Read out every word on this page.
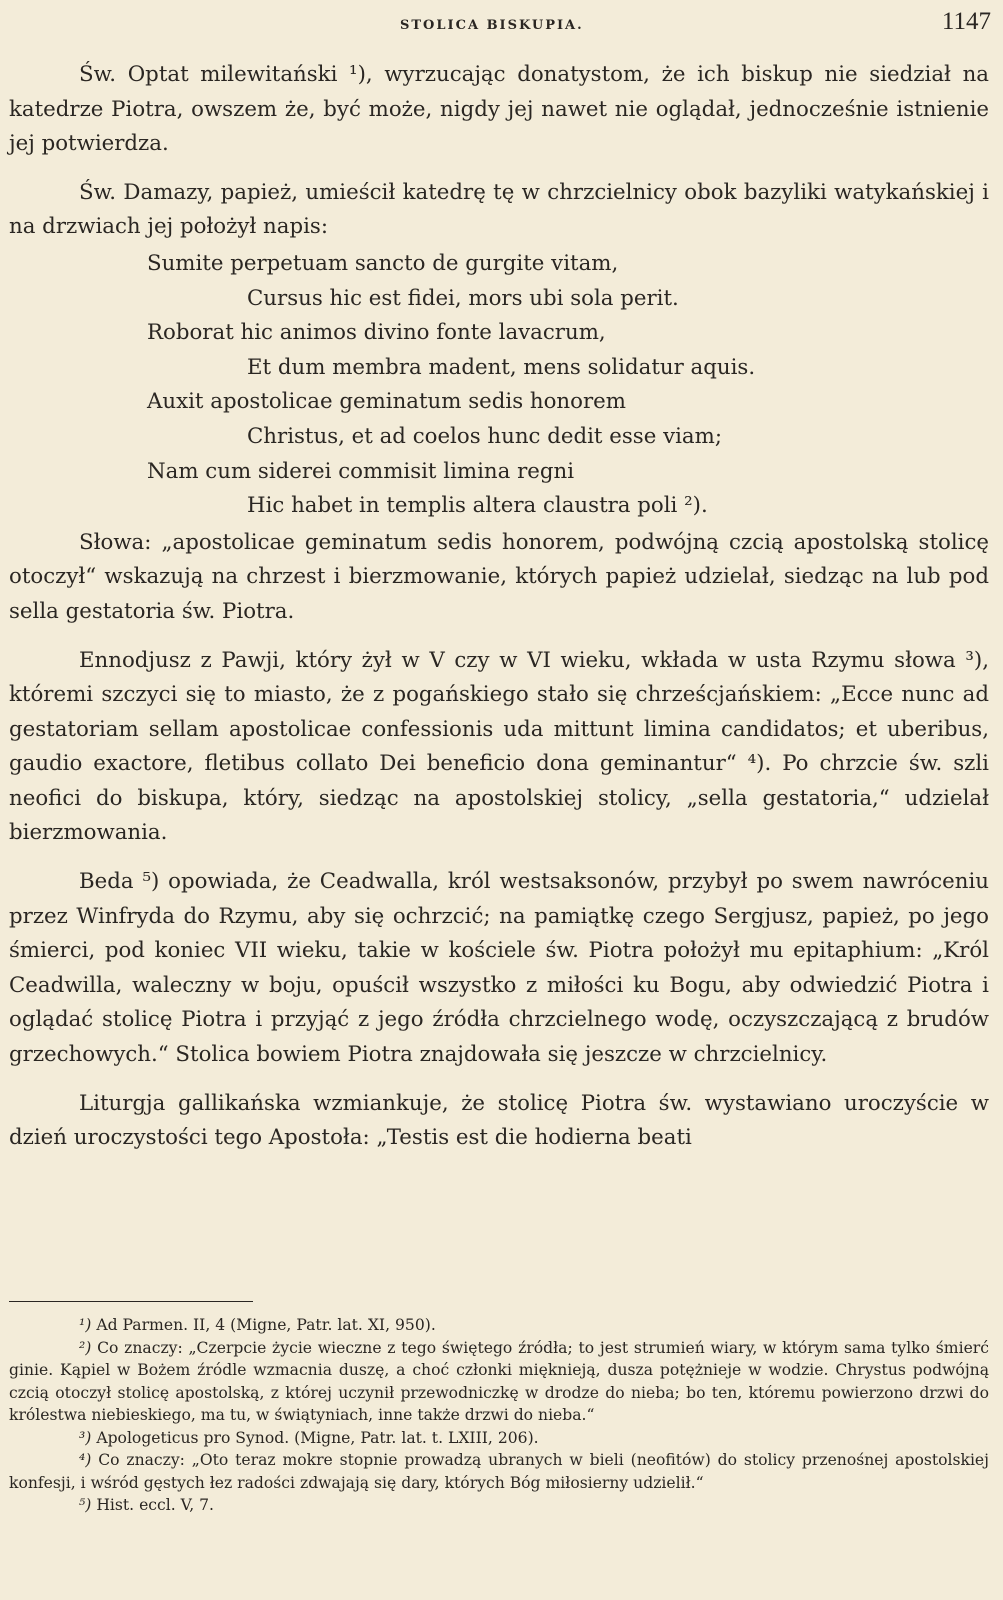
STOLICA BISKUPIA.	1147

Św. Optat milewitański ¹), wyrzucając donatystom, że ich biskup nie siedział na katedrze Piotra, owszem że, być może, nigdy jej nawet nie oglądał, jednocześnie istnienie jej potwierdza.

Św. Damazy, papież, umieścił katedrę tę w chrzcielnicy obok bazyliki watykańskiej i na drzwiach jej położył napis:

Sumite perpetuam sancto de gurgite vitam,
Cursus hic est fidei, mors ubi sola perit.
Roborat hic animos divino fonte lavacrum,
Et dum membra madent, mens solidatur aquis.
Auxit apostolicae geminatum sedis honorem
Christus, et ad coelos hunc dedit esse viam;
Nam cum siderei commisit limina regni
Hic habet in templis altera claustra poli ²).

Słowa: „apostolicae geminatum sedis honorem, podwójną czcią apostolską stolicę otoczył“ wskazują na chrzest i bierzmowanie, których papież udzielał, siedząc na lub pod sella gestatoria św. Piotra.

Ennodjusz z Pawji, który żył w V czy w VI wieku, wkłada w usta Rzymu słowa ³), któremi szczyci się to miasto, że z pogańskiego stało się chrześcjańskiem: „Ecce nunc ad gestatoriam sellam apostolicae confessionis uda mittunt limina candidatos; et uberibus, gaudio exactore, fletibus collato Dei beneficio dona geminantur“ ⁴). Po chrzcie św. szli neofici do biskupa, który, siedząc na apostolskiej stolicy, „sella gestatoria,“ udzielał bierzmowania.

Beda ⁵) opowiada, że Ceadwalla, król westsaksonów, przybył po swem nawróceniu przez Winfryda do Rzymu, aby się ochrzcić; na pamiątkę czego Sergjusz, papież, po jego śmierci, pod koniec VII wieku, takie w kościele św. Piotra położył mu epitaphium: „Król Ceadwilla, waleczny w boju, opuścił wszystko z miłości ku Bogu, aby odwiedzić Piotra i oglądać stolicę Piotra i przyjąć z jego źródła chrzcielnego wodę, oczyszczającą z brudów grzechowych.“ Stolica bowiem Piotra znajdowała się jeszcze w chrzcielnicy.

Liturgja gallikańska wzmiankuje, że stolicę Piotra św. wystawiano uroczyście w dzień uroczystości tego Apostoła: „Testis est die hodierna beati

¹) Ad Parmen. II, 4 (Migne, Patr. lat. XI, 950).

²) Co znaczy: „Czerpcie życie wieczne z tego świętego źródła; to jest strumień wiary, w którym sama tylko śmierć ginie. Kąpiel w Bożem źródle wzmacnia duszę, a choć członki mięknieją, dusza potężnieje w wodzie. Chrystus podwójną czcią otoczył stolicę apostolską, z której uczynił przewodniczkę w drodze do nieba; bo ten, któremu powierzono drzwi do królestwa niebieskiego, ma tu, w świątyniach, inne także drzwi do nieba.“

³) Apologeticus pro Synod. (Migne, Patr. lat. t. LXIII, 206).

⁴) Co znaczy: „Oto teraz mokre stopnie prowadzą ubranych w bieli (neofitów) do stolicy przenośnej apostolskiej konfesji, i wśród gęstych łez radości zdwajają się dary, których Bóg miłosierny udzielił.“

⁵) Hist. eccl. V, 7.
